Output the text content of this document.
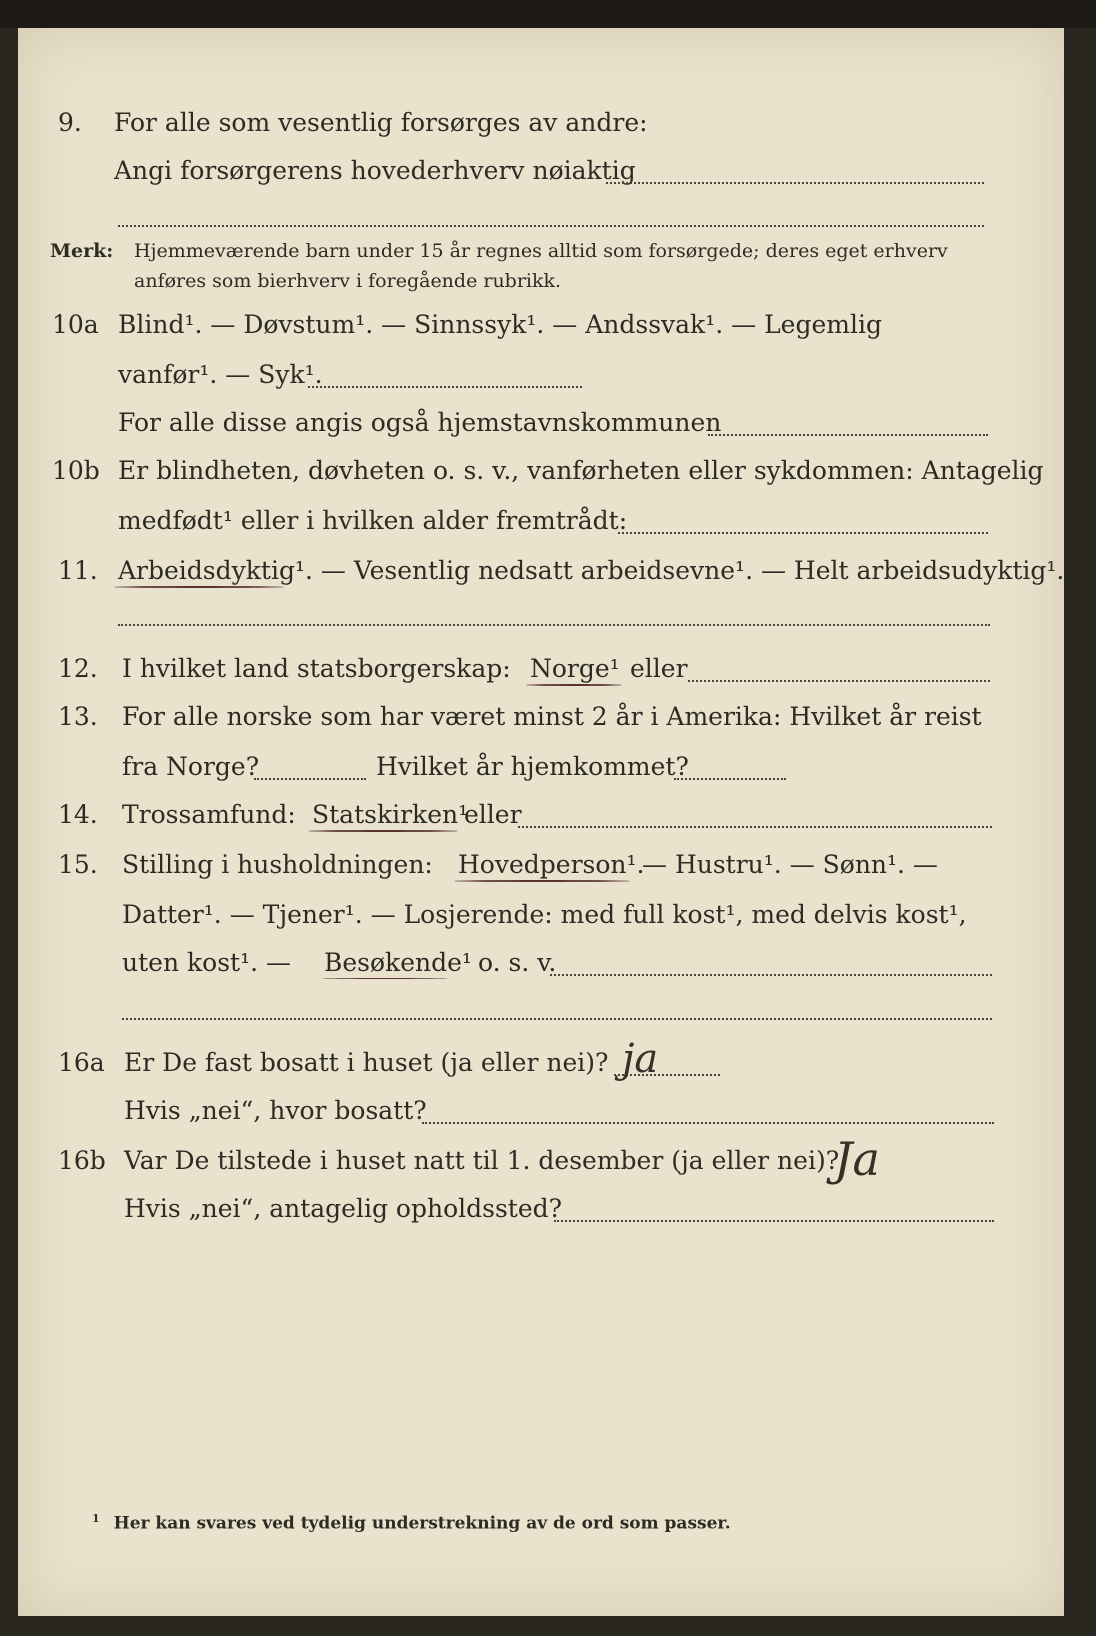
9. For alle som vesentlig forsørges av andre:
Angi forsørgerens hovederhverv nøiaktig
Merk: Hjemmeværende barn under 15 år regnes alltid som forsørgede; deres eget erhverv
anføres som bierhverv i foregående rubrikk.
10a Blind¹. — Døvstum¹. — Sinnssyk¹. — Andssvak¹. — Legemlig
vanfør¹. — Syk¹.
For alle disse angis også hjemstavnskommunen
10b Er blindheten, døvheten o. s. v., vanførheten eller sykdommen: Antagelig
medfødt¹ eller i hvilken alder fremtrådt:
11. Arbeidsdyktig¹. — Vesentlig nedsatt arbeidsevne¹. — Helt arbeidsudyktig¹.
12. I hvilket land statsborgerskap: Norge¹ eller
13. For alle norske som har været minst 2 år i Amerika: Hvilket år reist
fra Norge?	Hvilket år hjemkommet?
14. Trossamfund: Statskirken¹
eller
15. Stilling i husholdningen: Hovedperson¹.
— Hustru¹. — Sønn¹. —
Datter¹. — Tjener¹. — Losjerende: med full kost¹, med delvis kost¹,
uten kost¹. — Besøkende¹ o. s. v.
16a Er De fast bosatt i huset (ja eller nei)? ja
Hvis „nei“, hvor bosatt?
16b Var De tilstede i huset natt til 1. desember (ja eller nei)?
Ja
Hvis „nei“, antagelig opholdssted?
$^1$ Her kan svares ved tydelig understrekning av de ord som passer.
